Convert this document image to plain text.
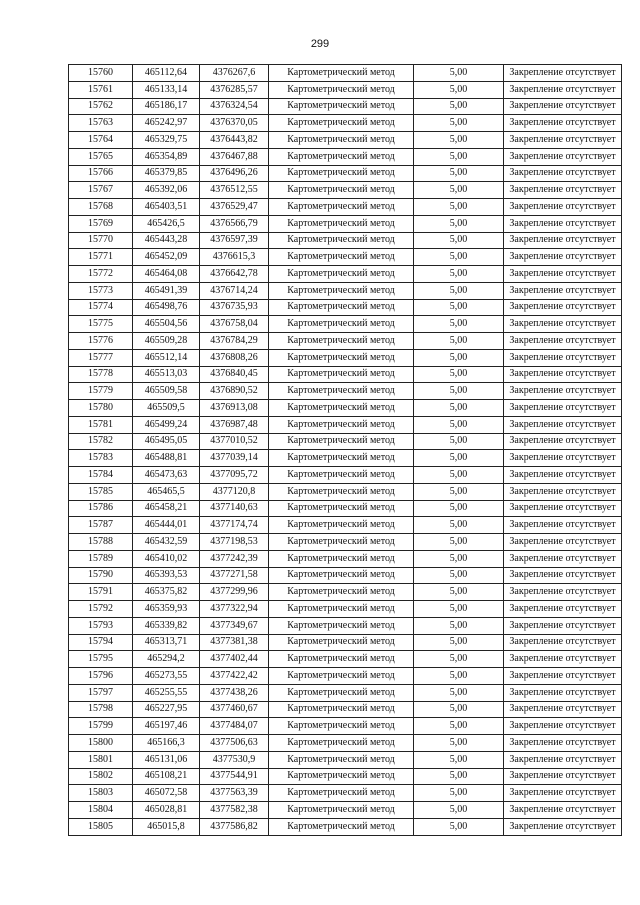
299
15760	465112,64	4376267,6	Картометрический метод	5,00	Закрепление отсутствует
15761	465133,14	4376285,57	Картометрический метод	5,00	Закрепление отсутствует
15762	465186,17	4376324,54	Картометрический метод	5,00	Закрепление отсутствует
15763	465242,97	4376370,05	Картометрический метод	5,00	Закрепление отсутствует
15764	465329,75	4376443,82	Картометрический метод	5,00	Закрепление отсутствует
15765	465354,89	4376467,88	Картометрический метод	5,00	Закрепление отсутствует
15766	465379,85	4376496,26	Картометрический метод	5,00	Закрепление отсутствует
15767	465392,06	4376512,55	Картометрический метод	5,00	Закрепление отсутствует
15768	465403,51	4376529,47	Картометрический метод	5,00	Закрепление отсутствует
15769	465426,5	4376566,79	Картометрический метод	5,00	Закрепление отсутствует
15770	465443,28	4376597,39	Картометрический метод	5,00	Закрепление отсутствует
15771	465452,09	4376615,3	Картометрический метод	5,00	Закрепление отсутствует
15772	465464,08	4376642,78	Картометрический метод	5,00	Закрепление отсутствует
15773	465491,39	4376714,24	Картометрический метод	5,00	Закрепление отсутствует
15774	465498,76	4376735,93	Картометрический метод	5,00	Закрепление отсутствует
15775	465504,56	4376758,04	Картометрический метод	5,00	Закрепление отсутствует
15776	465509,28	4376784,29	Картометрический метод	5,00	Закрепление отсутствует
15777	465512,14	4376808,26	Картометрический метод	5,00	Закрепление отсутствует
15778	465513,03	4376840,45	Картометрический метод	5,00	Закрепление отсутствует
15779	465509,58	4376890,52	Картометрический метод	5,00	Закрепление отсутствует
15780	465509,5	4376913,08	Картометрический метод	5,00	Закрепление отсутствует
15781	465499,24	4376987,48	Картометрический метод	5,00	Закрепление отсутствует
15782	465495,05	4377010,52	Картометрический метод	5,00	Закрепление отсутствует
15783	465488,81	4377039,14	Картометрический метод	5,00	Закрепление отсутствует
15784	465473,63	4377095,72	Картометрический метод	5,00	Закрепление отсутствует
15785	465465,5	4377120,8	Картометрический метод	5,00	Закрепление отсутствует
15786	465458,21	4377140,63	Картометрический метод	5,00	Закрепление отсутствует
15787	465444,01	4377174,74	Картометрический метод	5,00	Закрепление отсутствует
15788	465432,59	4377198,53	Картометрический метод	5,00	Закрепление отсутствует
15789	465410,02	4377242,39	Картометрический метод	5,00	Закрепление отсутствует
15790	465393,53	4377271,58	Картометрический метод	5,00	Закрепление отсутствует
15791	465375,82	4377299,96	Картометрический метод	5,00	Закрепление отсутствует
15792	465359,93	4377322,94	Картометрический метод	5,00	Закрепление отсутствует
15793	465339,82	4377349,67	Картометрический метод	5,00	Закрепление отсутствует
15794	465313,71	4377381,38	Картометрический метод	5,00	Закрепление отсутствует
15795	465294,2	4377402,44	Картометрический метод	5,00	Закрепление отсутствует
15796	465273,55	4377422,42	Картометрический метод	5,00	Закрепление отсутствует
15797	465255,55	4377438,26	Картометрический метод	5,00	Закрепление отсутствует
15798	465227,95	4377460,67	Картометрический метод	5,00	Закрепление отсутствует
15799	465197,46	4377484,07	Картометрический метод	5,00	Закрепление отсутствует
15800	465166,3	4377506,63	Картометрический метод	5,00	Закрепление отсутствует
15801	465131,06	4377530,9	Картометрический метод	5,00	Закрепление отсутствует
15802	465108,21	4377544,91	Картометрический метод	5,00	Закрепление отсутствует
15803	465072,58	4377563,39	Картометрический метод	5,00	Закрепление отсутствует
15804	465028,81	4377582,38	Картометрический метод	5,00	Закрепление отсутствует
15805	465015,8	4377586,82	Картометрический метод	5,00	Закрепление отсутствует
